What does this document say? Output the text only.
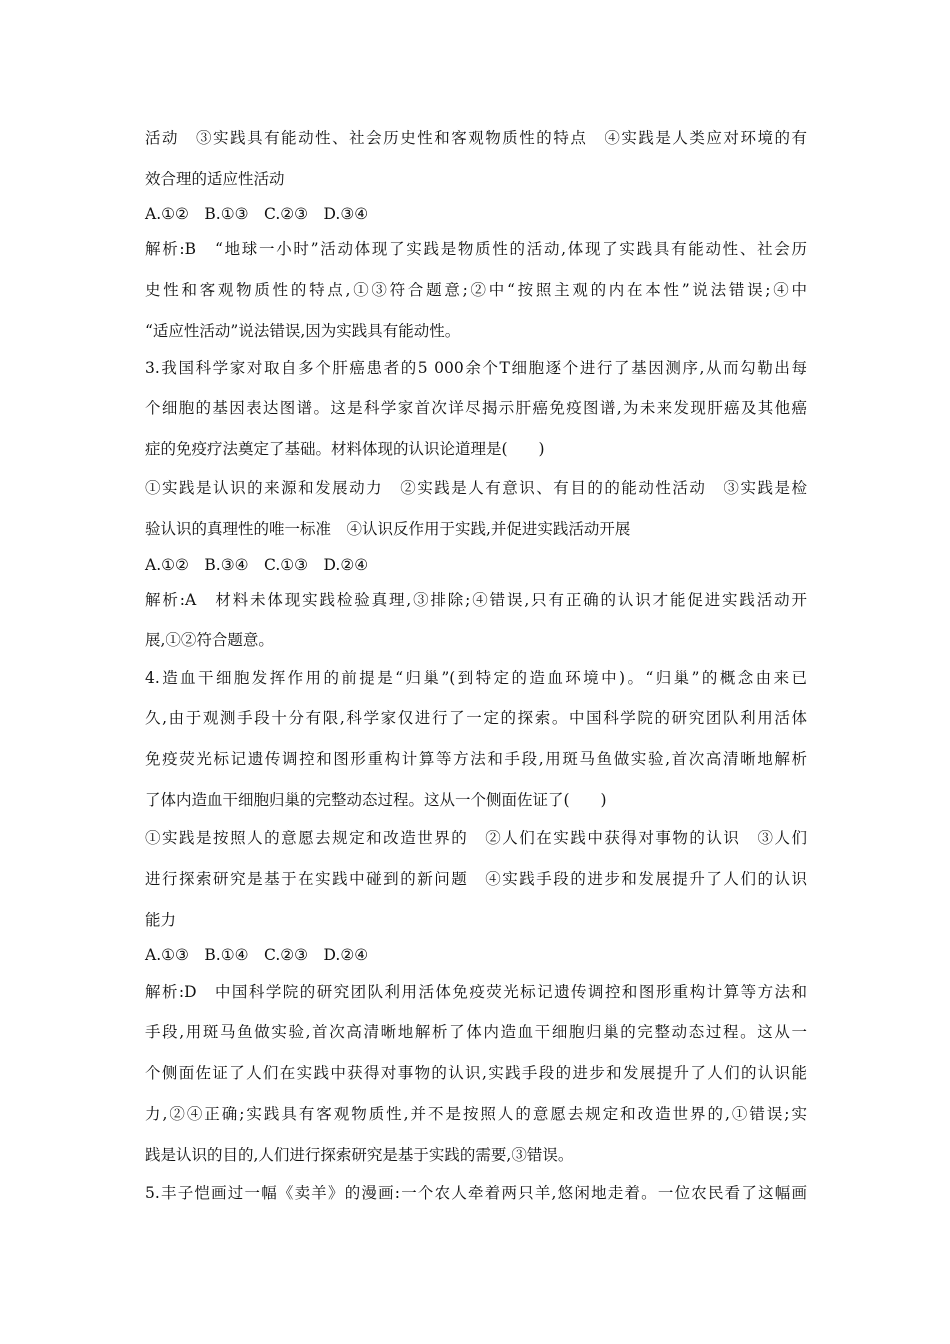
活动　③实践具有能动性、社会历史性和客观物质性的特点　④实践是人类应对环境的有
效合理的适应性活动
A.①②　B.①③　C.②③　D.③④
解析:B　“地球一小时”活动体现了实践是物质性的活动,体现了实践具有能动性、社会历
史性和客观物质性的特点,①③符合题意;②中“按照主观的内在本性”说法错误;④中
“适应性活动”说法错误,因为实践具有能动性。
3.我国科学家对取自多个肝癌患者的5 000余个T细胞逐个进行了基因测序,从而勾勒出每
个细胞的基因表达图谱。这是科学家首次详尽揭示肝癌免疫图谱,为未来发现肝癌及其他癌
症的免疫疗法奠定了基础。材料体现的认识论道理是(　　)
①实践是认识的来源和发展动力　②实践是人有意识、有目的的能动性活动　③实践是检
验认识的真理性的唯一标准　④认识反作用于实践,并促进实践活动开展
A.①②　B.③④　C.①③　D.②④
解析:A　材料未体现实践检验真理,③排除;④错误,只有正确的认识才能促进实践活动开
展,①②符合题意。
4.造血干细胞发挥作用的前提是“归巢”(到特定的造血环境中)。“归巢”的概念由来已
久,由于观测手段十分有限,科学家仅进行了一定的探索。中国科学院的研究团队利用活体
免疫荧光标记遗传调控和图形重构计算等方法和手段,用斑马鱼做实验,首次高清晰地解析
了体内造血干细胞归巢的完整动态过程。这从一个侧面佐证了(　　)
①实践是按照人的意愿去规定和改造世界的　②人们在实践中获得对事物的认识　③人们
进行探索研究是基于在实践中碰到的新问题　④实践手段的进步和发展提升了人们的认识
能力
A.①③　B.①④　C.②③　D.②④
解析:D　中国科学院的研究团队利用活体免疫荧光标记遗传调控和图形重构计算等方法和
手段,用斑马鱼做实验,首次高清晰地解析了体内造血干细胞归巢的完整动态过程。这从一
个侧面佐证了人们在实践中获得对事物的认识,实践手段的进步和发展提升了人们的认识能
力,②④正确;实践具有客观物质性,并不是按照人的意愿去规定和改造世界的,①错误;实
践是认识的目的,人们进行探索研究是基于实践的需要,③错误。
5.丰子恺画过一幅《卖羊》的漫画:一个农人牵着两只羊,悠闲地走着。一位农民看了这幅画
